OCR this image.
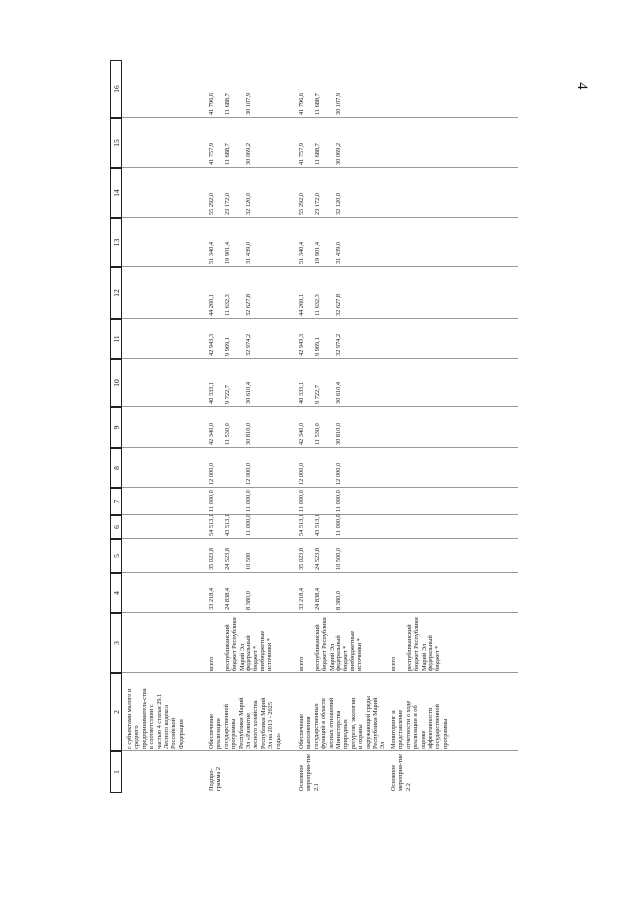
4
1
2
3
4
5
6
7
8
9
10
11
12
13
14
15
16
с субъектами малого и среднего предприниматель-ства в соответствии с частью 4 статьи 29.1 Лесного кодекса Российской Федерации
Подпро-грамма 2
Обеспечение реализации государственной программы Республики Марий Эл «Развитие лесного хозяйства Республики Марий Эл на 2013 - 2025 годы»
всего
33 218,4
35 023,8
54 513,1
11 000,0
12 000,0
42 340,0
40 333,1
42 943,3
44 260,1
51 340,4
55 292,0
41 757,9
41 796,6
республиканский бюджет Республики Марий Эл
24 838,4
24 523,8
43 513,1
11 530,0
9 722,7
9 969,1
11 632,3
19 901,4
23 172,0
11 688,7
11 688,7
федеральный бюджет *
8 380,0
10 500
11 000,0
11 000,0
12 000,0
30 810,0
30 610,4
32 974,2
32 627,8
31 439,0
32 120,0
30 069,2
30 107,9
внебюджетные источники *
Основное мероприя-тие 2.1
Обеспечение выполнения государственных функций в области лесных отношений Министерства природных ресурсов, экологии и охраны окружающей среды Республики Марий Эл
всего
33 218,4
35 023,8
54 513,1
11 000,0
12 000,0
42 340,0
40 333,1
42 943,3
44 260,1
51 340,4
55 292,0
41 757,9
41 796,6
республиканский бюджет Республики Марий Эл
24 838,4
24 523,8
43 513,1
11 530,0
9 722,7
9 969,1
11 632,3
19 901,4
23 172,0
11 688,7
11 688,7
федеральный бюджет *
8 380,0
10 500,0
11 000,0
11 000,0
12 000,0
30 810,0
30 610,4
32 974,2
32 627,8
31 439,0
32 120,0
30 069,2
30 107,9
внебюджетные источники *
Основное мероприя-тие 2.2
Мониторинг и представление отчетности о ходе реализации и об оценке эффективности государственной программы
всего республиканский бюджет Республики Марий Эл федеральный бюджет *
